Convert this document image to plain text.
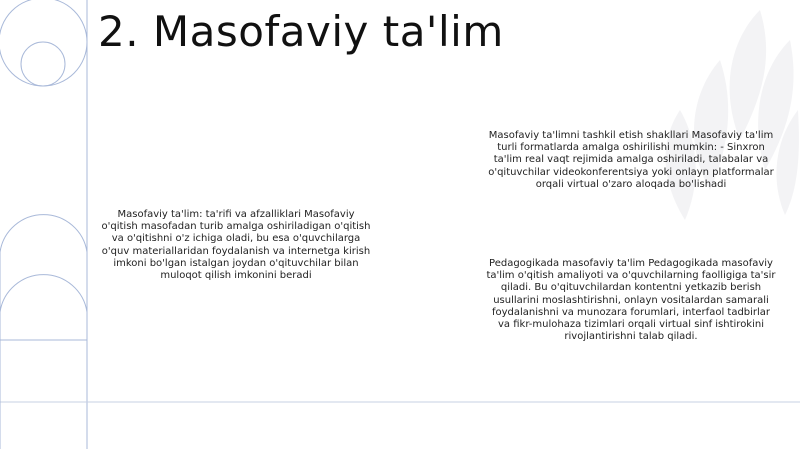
2. Masofaviy ta'lim
Masofaviy ta'lim: ta'rifi va afzalliklari Masofaviy o'qitish masofadan turib amalga oshiriladigan o'qitish va o'qitishni o'z ichiga oladi, bu esa o'quvchilarga o'quv materiallaridan foydalanish va internetga kirish imkoni bo'lgan istalgan joydan o'qituvchilar bilan muloqot qilish imkonini beradi
Masofaviy ta'limni tashkil etish shakllari Masofaviy ta'lim turli formatlarda amalga oshirilishi mumkin: - Sinxron ta'lim real vaqt rejimida amalga oshiriladi, talabalar va o'qituvchilar videokonferentsiya yoki onlayn platformalar orqali virtual o'zaro aloqada bo'lishadi
Pedagogikada masofaviy ta'lim Pedagogikada masofaviy ta'lim o'qitish amaliyoti va o'quvchilarning faolligiga ta'sir qiladi. Bu o'qituvchilardan kontentni yetkazib berish usullarini moslashtirishni, onlayn vositalardan samarali foydalanishni va munozara forumlari, interfaol tadbirlar va fikr-mulohaza tizimlari orqali virtual sinf ishtirokini rivojlantirishni talab qiladi.
